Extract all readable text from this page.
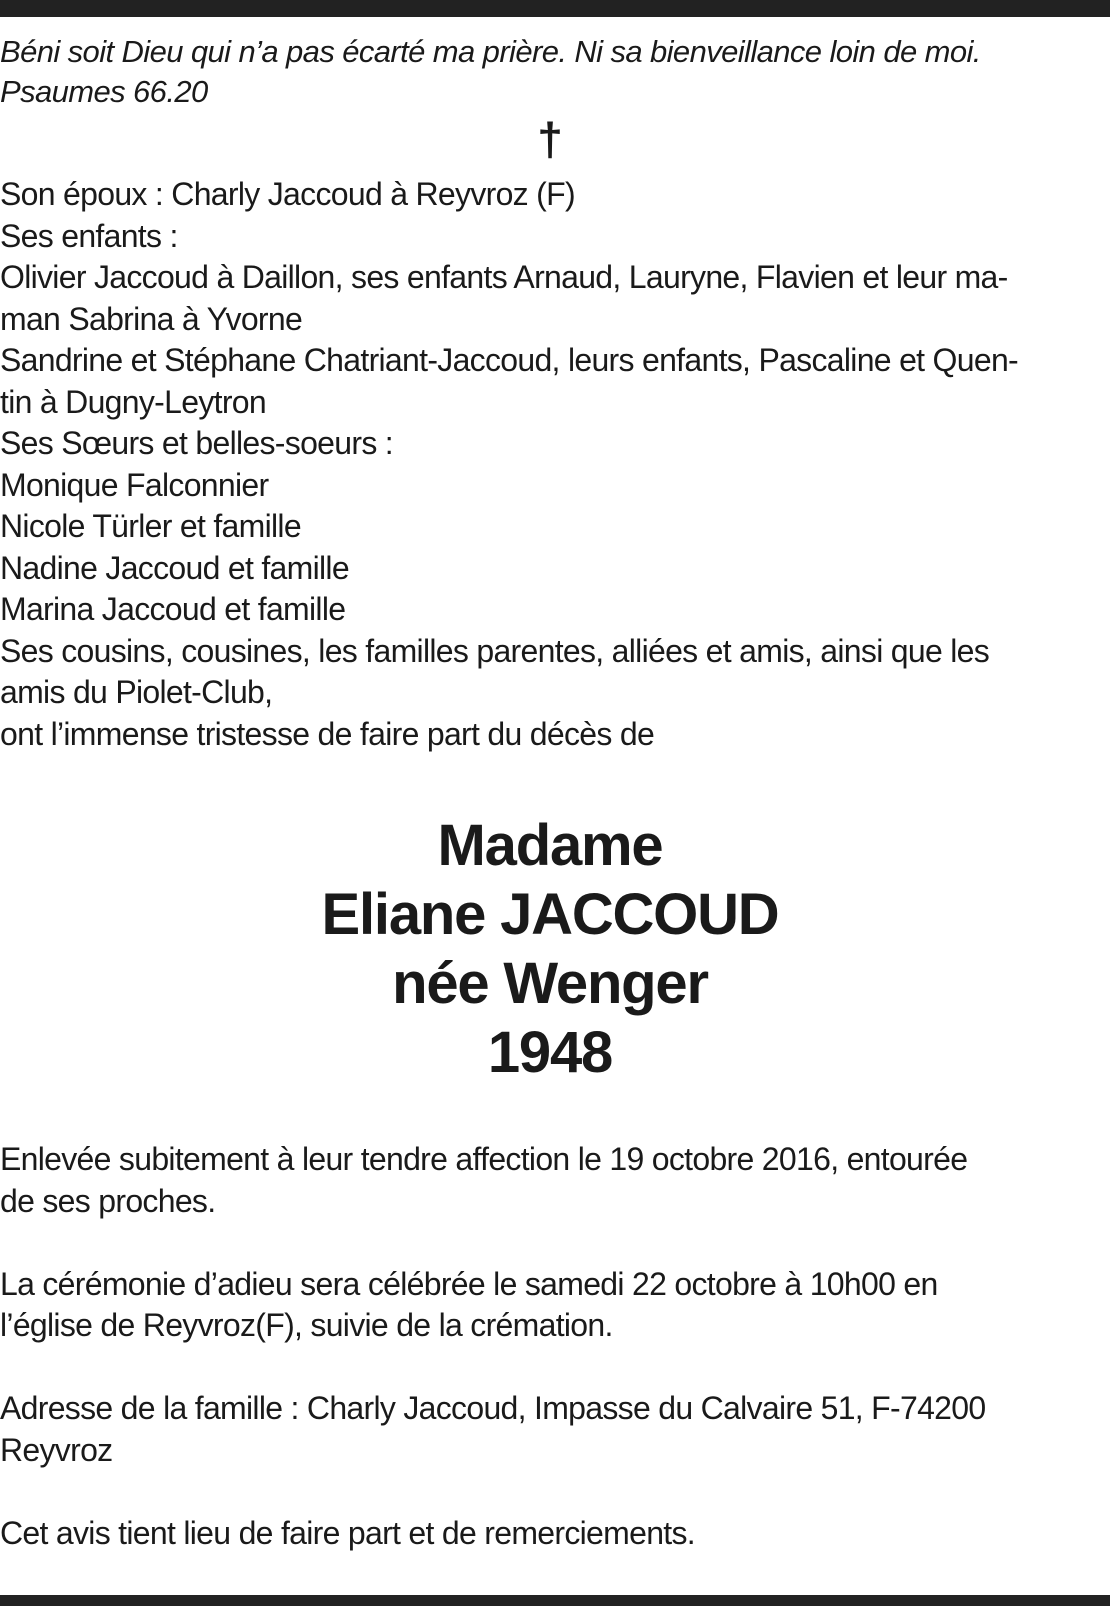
Béni soit Dieu qui n’a pas écarté ma prière. Ni sa bienveillance loin de moi.

Psaumes 66.20

†

Son époux : Charly Jaccoud à Reyvroz (F)

Ses enfants :

Olivier Jaccoud à Daillon, ses enfants Arnaud, Lauryne, Flavien et leur ma-

man Sabrina à Yvorne

Sandrine et Stéphane Chatriant-Jaccoud, leurs enfants, Pascaline et Quen-

tin à Dugny-Leytron

Ses Sœurs et belles-soeurs :

Monique Falconnier

Nicole Türler et famille

Nadine Jaccoud et famille

Marina Jaccoud et famille

Ses cousins, cousines, les familles parentes, alliées et amis, ainsi que les

amis du Piolet-Club,

ont l’immense tristesse de faire part du décès de

Madame

Eliane JACCOUD

née Wenger

1948

Enlevée subitement à leur tendre affection le 19 octobre 2016, entourée

de ses proches.

La cérémonie d’adieu sera célébrée le samedi 22 octobre à 10h00 en

l’église de Reyvroz(F), suivie de la crémation.

Adresse de la famille : Charly Jaccoud, Impasse du Calvaire 51, F-74200

Reyvroz

Cet avis tient lieu de faire part et de remerciements.
